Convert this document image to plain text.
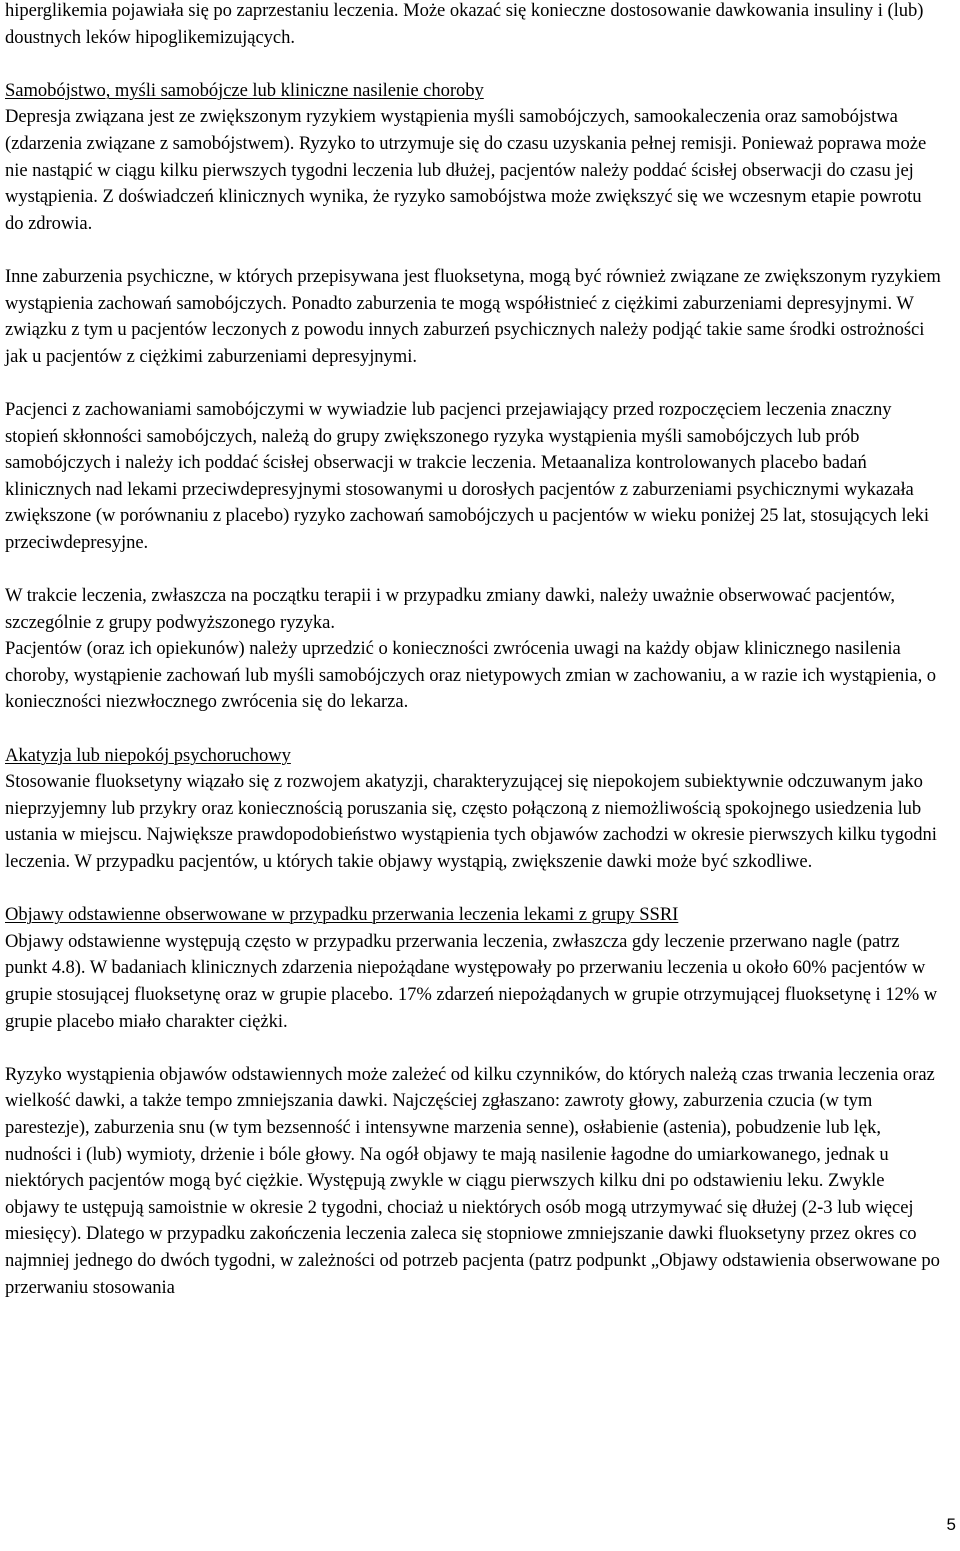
hiperglikemia pojawiała się po zaprzestaniu leczenia. Może okazać się konieczne dostosowanie dawkowania insuliny i (lub) doustnych leków hipoglikemizujących.

Samobójstwo, myśli samobójcze lub kliniczne nasilenie choroby

Depresja związana jest ze zwiększonym ryzykiem wystąpienia myśli samobójczych, samookaleczenia oraz samobójstwa (zdarzenia związane z samobójstwem). Ryzyko to utrzymuje się do czasu uzyskania pełnej remisji. Ponieważ poprawa może nie nastąpić w ciągu kilku pierwszych tygodni leczenia lub dłużej, pacjentów należy poddać ścisłej obserwacji do czasu jej wystąpienia. Z doświadczeń klinicznych wynika, że ryzyko samobójstwa może zwiększyć się we wczesnym etapie powrotu do zdrowia.

Inne zaburzenia psychiczne, w których przepisywana jest fluoksetyna, mogą być również związane ze zwiększonym ryzykiem wystąpienia zachowań samobójczych. Ponadto zaburzenia te mogą współistnieć z ciężkimi zaburzeniami depresyjnymi. W związku z tym u pacjentów leczonych z powodu innych zaburzeń psychicznych należy podjąć takie same środki ostrożności jak u pacjentów z ciężkimi zaburzeniami depresyjnymi.

Pacjenci z zachowaniami samobójczymi w wywiadzie lub pacjenci przejawiający przed rozpoczęciem leczenia znaczny stopień skłonności samobójczych, należą do grupy zwiększonego ryzyka wystąpienia myśli samobójczych lub prób samobójczych i należy ich poddać ścisłej obserwacji w trakcie leczenia. Metaanaliza kontrolowanych placebo badań klinicznych nad lekami przeciwdepresyjnymi stosowanymi u dorosłych pacjentów z zaburzeniami psychicznymi wykazała zwiększone (w porównaniu z placebo) ryzyko zachowań samobójczych u pacjentów w wieku poniżej 25 lat, stosujących leki przeciwdepresyjne.

W trakcie leczenia, zwłaszcza na początku terapii i w przypadku zmiany dawki, należy uważnie obserwować pacjentów, szczególnie z grupy podwyższonego ryzyka.

Pacjentów (oraz ich opiekunów) należy uprzedzić o konieczności zwrócenia uwagi na każdy objaw klinicznego nasilenia choroby, wystąpienie zachowań lub myśli samobójczych oraz nietypowych zmian w zachowaniu, a w razie ich wystąpienia, o konieczności niezwłocznego zwrócenia się do lekarza.

Akatyzja lub niepokój psychoruchowy

Stosowanie fluoksetyny wiązało się z rozwojem akatyzji, charakteryzującej się niepokojem subiektywnie odczuwanym jako nieprzyjemny lub przykry oraz koniecznością poruszania się, często połączoną z niemożliwością spokojnego usiedzenia lub ustania w miejscu. Największe prawdopodobieństwo wystąpienia tych objawów zachodzi w okresie pierwszych kilku tygodni leczenia. W przypadku pacjentów, u których takie objawy wystąpią, zwiększenie dawki może być szkodliwe.

Objawy odstawienne obserwowane w przypadku przerwania leczenia lekami z grupy SSRI

Objawy odstawienne występują często w przypadku przerwania leczenia, zwłaszcza gdy leczenie przerwano nagle (patrz punkt 4.8). W badaniach klinicznych zdarzenia niepożądane występowały po przerwaniu leczenia u około 60% pacjentów w grupie stosującej fluoksetynę oraz w grupie placebo. 17% zdarzeń niepożądanych w grupie otrzymującej fluoksetynę i 12% w grupie placebo miało charakter ciężki.

Ryzyko wystąpienia objawów odstawiennych może zależeć od kilku czynników, do których należą czas trwania leczenia oraz wielkość dawki, a także tempo zmniejszania dawki. Najczęściej zgłaszano: zawroty głowy, zaburzenia czucia (w tym parestezje), zaburzenia snu (w tym bezsenność i intensywne marzenia senne), osłabienie (astenia), pobudzenie lub lęk, nudności i (lub) wymioty, drżenie i bóle głowy. Na ogół objawy te mają nasilenie łagodne do umiarkowanego, jednak u niektórych pacjentów mogą być ciężkie. Występują zwykle w ciągu pierwszych kilku dni po odstawieniu leku. Zwykle objawy te ustępują samoistnie w okresie 2 tygodni, chociaż u niektórych osób mogą utrzymywać się dłużej (2-3 lub więcej miesięcy). Dlatego w przypadku zakończenia leczenia zaleca się stopniowe zmniejszanie dawki fluoksetyny przez okres co najmniej jednego do dwóch tygodni, w zależności od potrzeb pacjenta (patrz podpunkt „Objawy odstawienia obserwowane po przerwaniu stosowania

5
